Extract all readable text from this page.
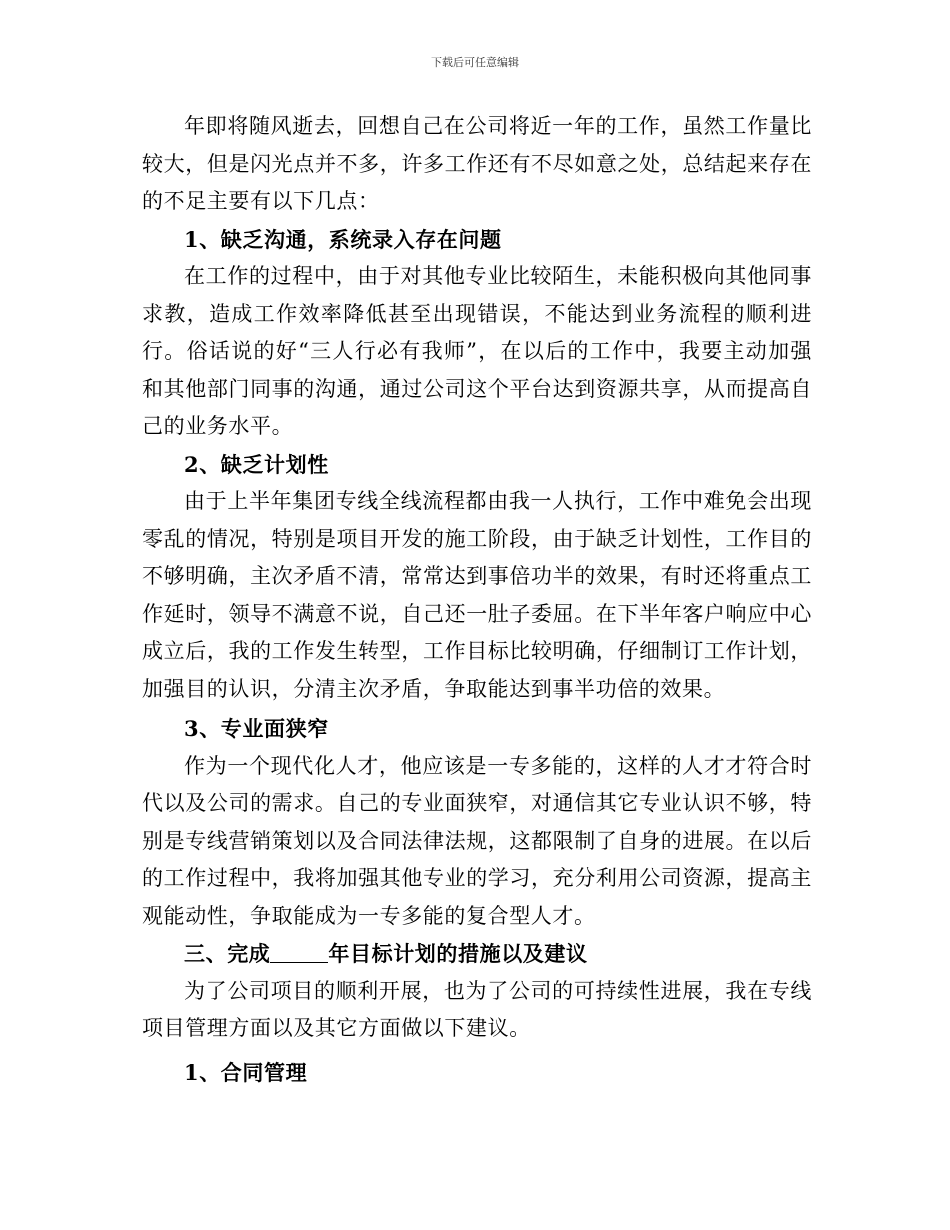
下载后可任意编辑

年即将随风逝去，回想自己在公司将近一年的工作，虽然工作量比较大，但是闪光点并不多，许多工作还有不尽如意之处，总结起来存在的不足主要有以下几点：

1、缺乏沟通，系统录入存在问题

在工作的过程中，由于对其他专业比较陌生，未能积极向其他同事求教，造成工作效率降低甚至出现错误，不能达到业务流程的顺利进行。俗话说的好“三人行必有我师”，在以后的工作中，我要主动加强和其他部门同事的沟通，通过公司这个平台达到资源共享，从而提高自己的业务水平。

2、缺乏计划性

由于上半年集团专线全线流程都由我一人执行，工作中难免会出现零乱的情况，特别是项目开发的施工阶段，由于缺乏计划性，工作目的不够明确，主次矛盾不清，常常达到事倍功半的效果，有时还将重点工作延时，领导不满意不说，自己还一肚子委屈。在下半年客户响应中心成立后，我的工作发生转型，工作目标比较明确，仔细制订工作计划，加强目的认识，分清主次矛盾，争取能达到事半功倍的效果。

3、专业面狭窄

作为一个现代化人才，他应该是一专多能的，这样的人才才符合时代以及公司的需求。自己的专业面狭窄，对通信其它专业认识不够，特别是专线营销策划以及合同法律法规，这都限制了自身的进展。在以后的工作过程中，我将加强其他专业的学习，充分利用公司资源，提高主观能动性，争取能成为一专多能的复合型人才。

三、完成	年目标计划的措施以及建议

为了公司项目的顺利开展，也为了公司的可持续性进展，我在专线项目管理方面以及其它方面做以下建议。

1、合同管理
